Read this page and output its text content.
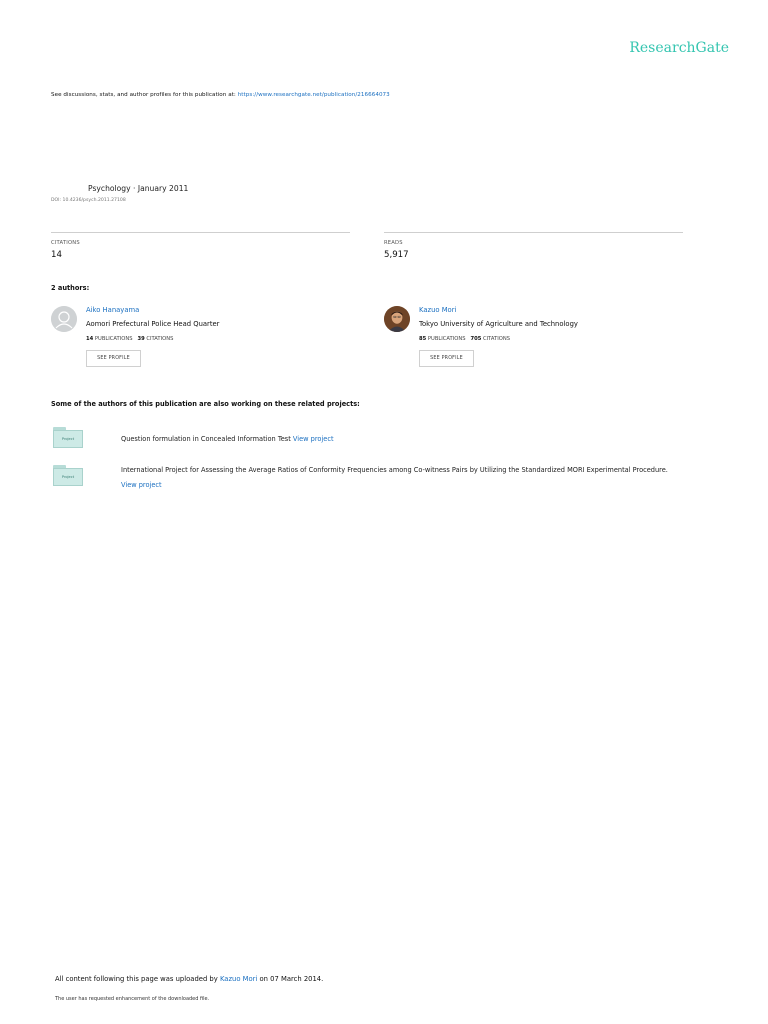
ResearchGate
See discussions, stats, and author profiles for this publication at: https://www.researchgate.net/publication/216664073
Psychology · January 2011
DOI: 10.4236/psych.2011.27108
CITATIONS
14
READS
5,917
2 authors:
Aiko Hanayama
Aomori Prefectural Police Head Quarter
14 PUBLICATIONS 39 CITATIONS
SEE PROFILE
Kazuo Mori
Tokyo University of Agriculture and Technology
85 PUBLICATIONS 705 CITATIONS
SEE PROFILE
Some of the authors of this publication are also working on these related projects:
Project	Question formulation in Concealed Information Test View project
Project
International Project for Assessing the Average Ratios of Conformity Frequencies among Co-witness Pairs by Utilizing the Standardized MORI Experimental Procedure.
View project
All content following this page was uploaded by Kazuo Mori on 07 March 2014.
The user has requested enhancement of the downloaded file.
